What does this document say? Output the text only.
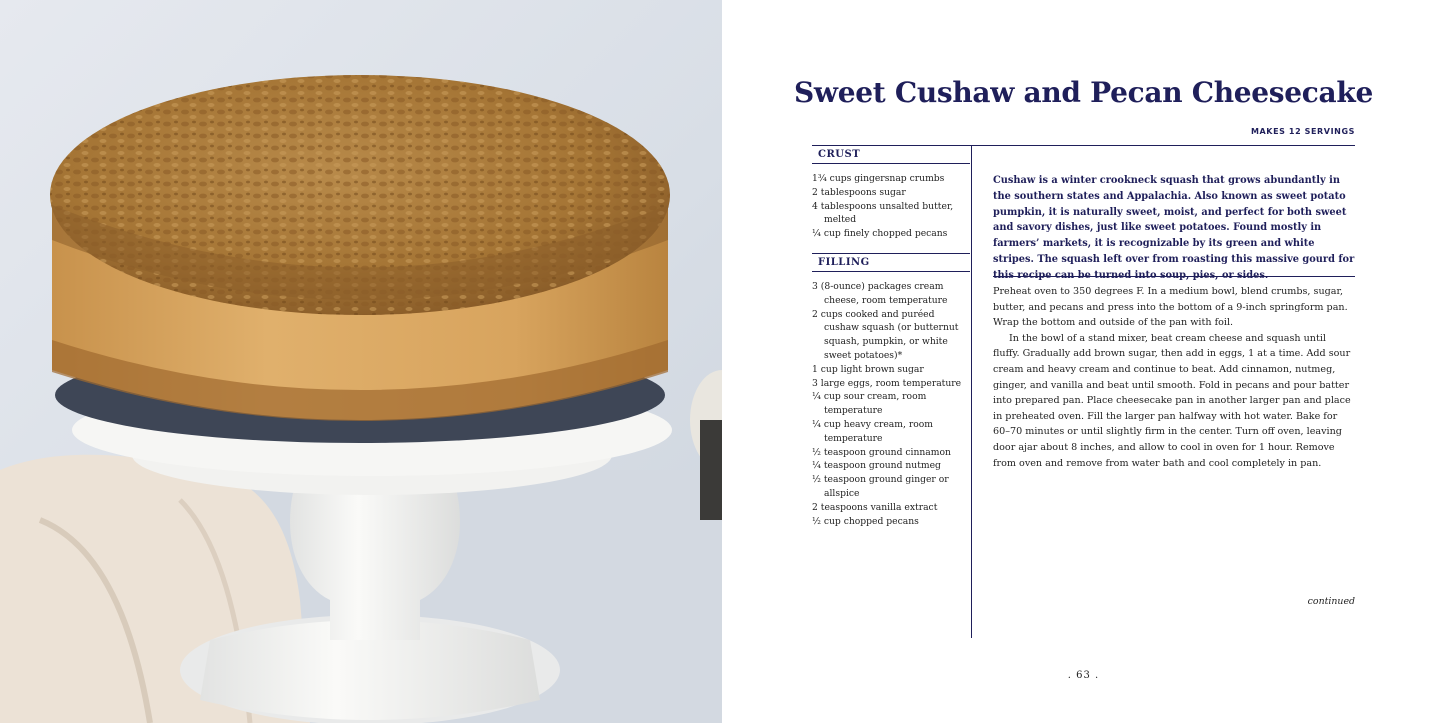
Sweet Cushaw and Pecan Cheesecake
MAKES 12 SERVINGS
CRUST
1¾ cups gingersnap crumbs
2 tablespoons sugar
4 tablespoons unsalted butter, melted
¼ cup finely chopped pecans
FILLING
3 (8-ounce) packages cream cheese, room temperature
2 cups cooked and puréed cushaw squash (or butternut squash, pumpkin, or white sweet potatoes)*
1 cup light brown sugar
3 large eggs, room temperature
¼ cup sour cream, room temperature
¼ cup heavy cream, room temperature
½ teaspoon ground cinnamon
¼ teaspoon ground nutmeg
½ teaspoon ground ginger or allspice
2 teaspoons vanilla extract
½ cup chopped pecans

Cushaw is a winter crookneck squash that grows abundantly in the southern states and Appalachia. Also known as sweet potato pumpkin, it is naturally sweet, moist, and perfect for both sweet and savory dishes, just like sweet potatoes. Found mostly in farmers’ markets, it is recognizable by its green and white stripes. The squash left over from roasting this massive gourd for

Preheat oven to 350 degrees F. In a medium bowl, blend crumbs, sugar, butter, and pecans and press into the bottom of a 9-inch springform pan. Wrap the bottom and outside of the pan with foil.

In the bowl of a stand mixer, beat cream cheese and squash until fluffy. Gradually add brown sugar, then add in eggs, 1 at a time. Add sour cream and heavy cream and continue to beat. Add cinnamon, nutmeg, ginger, and vanilla and beat until smooth. Fold in pecans and pour batter into prepared pan. Place cheesecake pan in another larger pan and place in preheated oven. Fill the larger pan halfway with hot water. Bake for 60–70 minutes or until slightly firm in the center. Turn off oven, leaving door ajar about 8 inches, and allow to cool in oven for 1 hour. Remove from oven and remove from water bath and cool completely in pan.

continued
. 63 .
